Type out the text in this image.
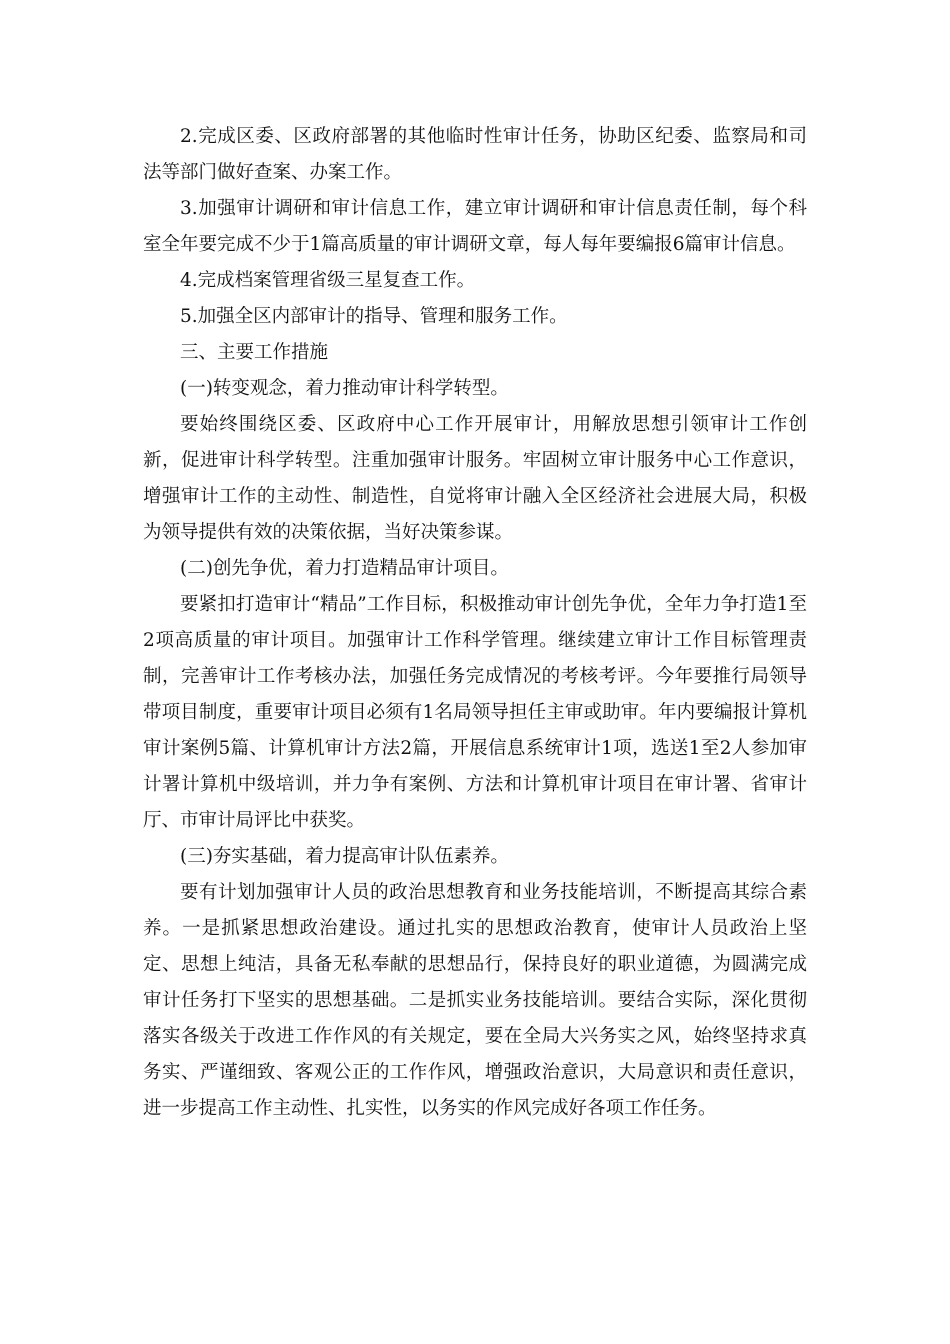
2.完成区委、区政府部署的其他临时性审计任务，协助区纪委、监察局和司法等部门做好查案、办案工作。

3.加强审计调研和审计信息工作，建立审计调研和审计信息责任制，每个科室全年要完成不少于1篇高质量的审计调研文章，每人每年要编报6篇审计信息。

4.完成档案管理省级三星复查工作。

5.加强全区内部审计的指导、管理和服务工作。

三、主要工作措施

(一)转变观念，着力推动审计科学转型。

要始终围绕区委、区政府中心工作开展审计，用解放思想引领审计工作创新，促进审计科学转型。注重加强审计服务。牢固树立审计服务中心工作意识，增强审计工作的主动性、制造性，自觉将审计融入全区经济社会进展大局，积极为领导提供有效的决策依据，当好决策参谋。

(二)创先争优，着力打造精品审计项目。

要紧扣打造审计“精品”工作目标，积极推动审计创先争优，全年力争打造1至2项高质量的审计项目。加强审计工作科学管理。继续建立审计工作目标管理责制，完善审计工作考核办法，加强任务完成情况的考核考评。今年要推行局领导带项目制度，重要审计项目必须有1名局领导担任主审或助审。年内要编报计算机审计案例5篇、计算机审计方法2篇，开展信息系统审计1项，选送1至2人参加审计署计算机中级培训，并力争有案例、方法和计算机审计项目在审计署、省审计厅、市审计局评比中获奖。

(三)夯实基础，着力提高审计队伍素养。

要有计划加强审计人员的政治思想教育和业务技能培训，不断提高其综合素养。一是抓紧思想政治建设。通过扎实的思想政治教育，使审计人员政治上坚定、思想上纯洁，具备无私奉献的思想品行，保持良好的职业道德，为圆满完成审计任务打下坚实的思想基础。二是抓实业务技能培训。要结合实际，深化贯彻落实各级关于改进工作作风的有关规定，要在全局大兴务实之风，始终坚持求真务实、严谨细致、客观公正的工作作风，增强政治意识，大局意识和责任意识，进一步提高工作主动性、扎实性，以务实的作风完成好各项工作任务。
